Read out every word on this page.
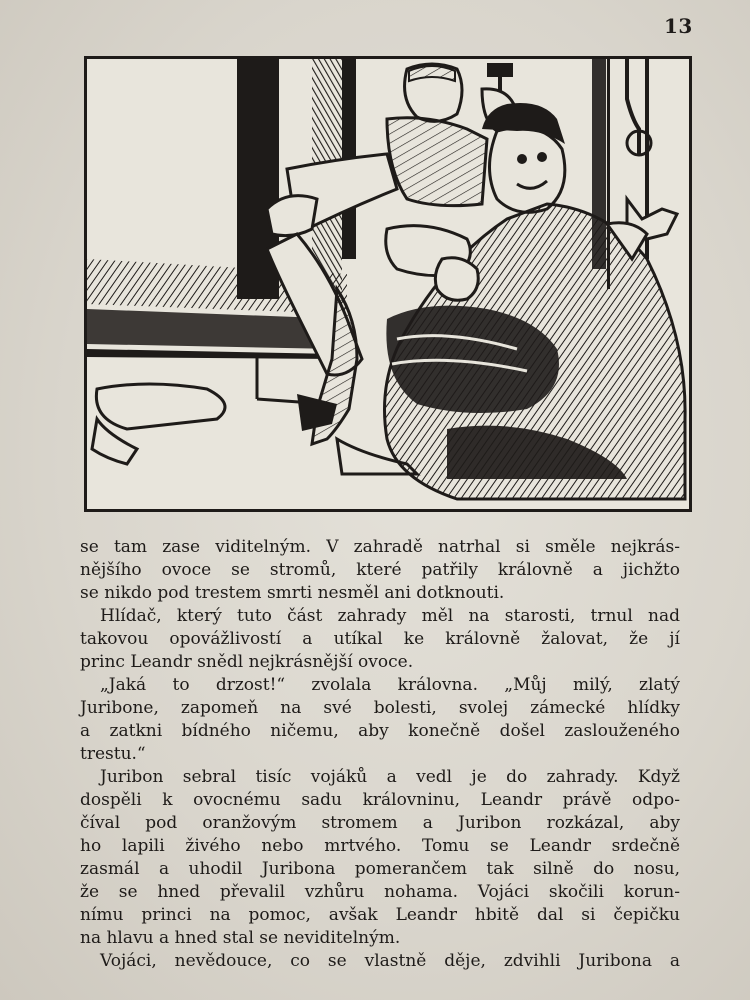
13
se tam zase viditelným. V zahradě natrhal si směle nejkrás-
nějšího ovoce se stromů, které patřily královně a jichžto
se nikdo pod trestem smrti nesměl ani dotknouti.
Hlídač, který tuto část zahrady měl na starosti, trnul nad
takovou opovážlivostí a utíkal ke královně žalovat, že jí
princ Leandr snědl nejkrásnější ovoce.
„Jaká to drzost!“ zvolala královna. „Můj milý, zlatý
Juribone, zapomeň na své bolesti, svolej zámecké hlídky
a zatkni bídného ničemu, aby konečně došel zaslouženého
trestu.“
Juribon sebral tisíc vojáků a vedl je do zahrady. Když
dospěli k ovocnému sadu královninu, Leandr právě odpo-
číval pod oranžovým stromem a Juribon rozkázal, aby
ho lapili živého nebo mrtvého. Tomu se Leandr srdečně
zasmál a uhodil Juribona pomerančem tak silně do nosu,
že se hned převalil vzhůru nohama. Vojáci skočili korun-
nímu princi na pomoc, avšak Leandr hbitě dal si čepičku
na hlavu a hned stal se neviditelným.
Vojáci, nevědouce, co se vlastně děje, zdvihli Juribona a
